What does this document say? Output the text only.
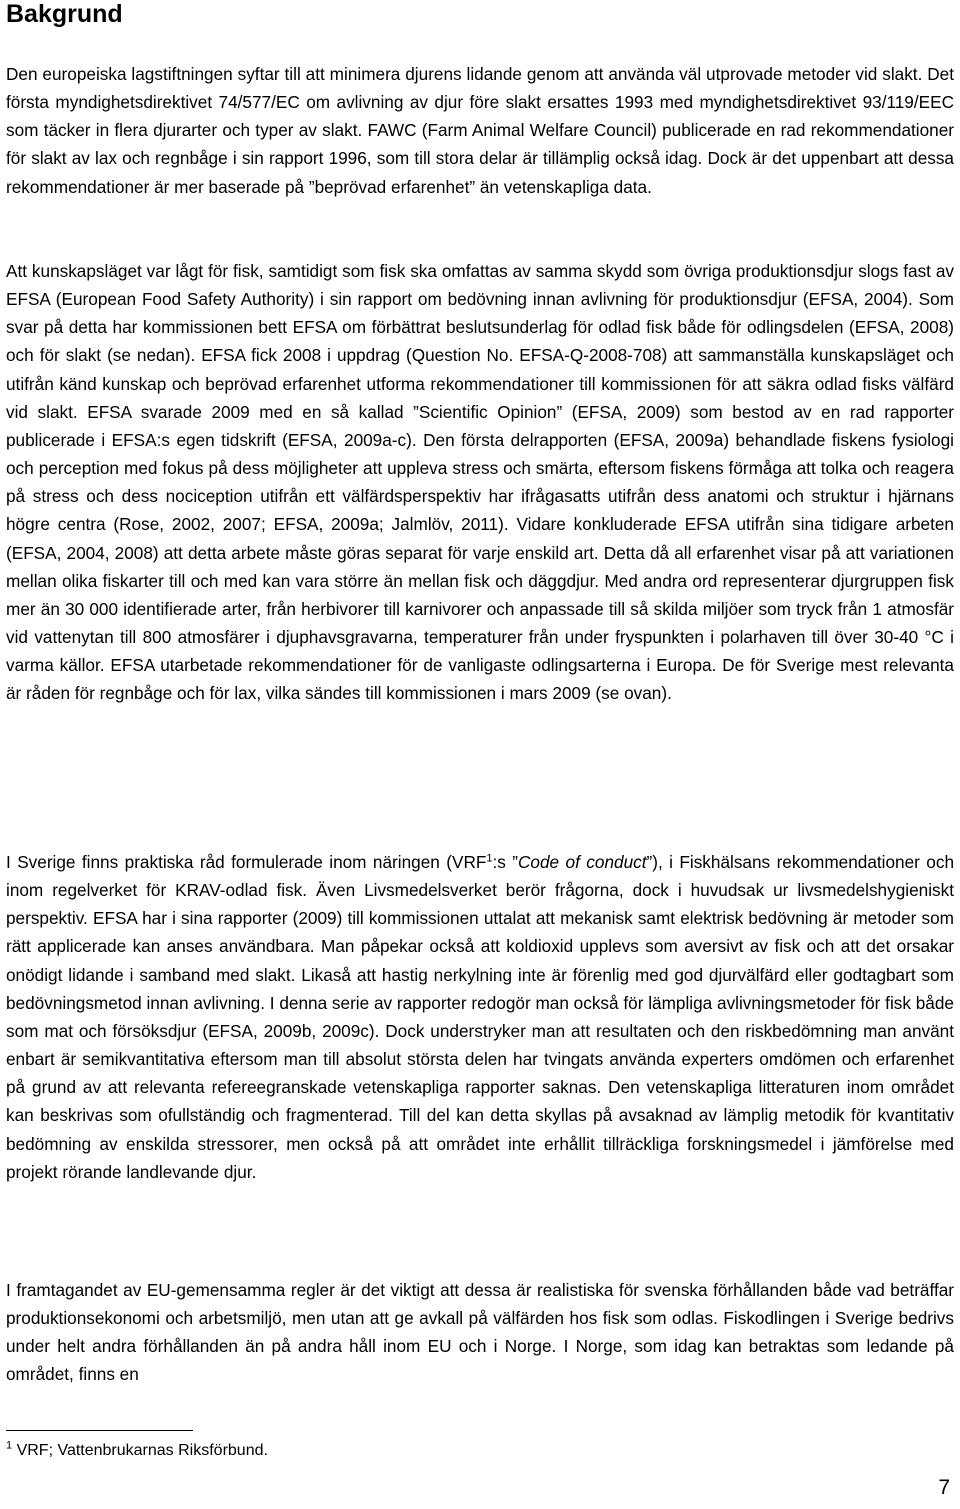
Bakgrund

Den europeiska lagstiftningen syftar till att minimera djurens lidande genom att använda väl utprovade metoder vid slakt. Det första myndighetsdirektivet 74/577/EC om avlivning av djur före slakt ersattes 1993 med myndighetsdirektivet 93/119/EEC som täcker in flera djurarter och typer av slakt. FAWC (Farm Animal Welfare Council) publicerade en rad rekommendationer för slakt av lax och regnbåge i sin rapport 1996, som till stora delar är tillämplig också idag. Dock är det uppenbart att dessa rekommendationer är mer baserade på ”beprövad erfarenhet” än vetenskapliga data.

Att kunskapsläget var lågt för fisk, samtidigt som fisk ska omfattas av samma skydd som övriga produktionsdjur slogs fast av EFSA (European Food Safety Authority) i sin rapport om bedövning innan avlivning för produktionsdjur (EFSA, 2004). Som svar på detta har kommissionen bett EFSA om förbättrat beslutsunderlag för odlad fisk både för odlingsdelen (EFSA, 2008) och för slakt (se nedan). EFSA fick 2008 i uppdrag (Question No. EFSA-Q-2008-708) att sammanställa kunskapsläget och utifrån känd kunskap och beprövad erfarenhet utforma rekommendationer till kommissionen för att säkra odlad fisks välfärd vid slakt. EFSA svarade 2009 med en så kallad ”Scientific Opinion” (EFSA, 2009) som bestod av en rad rapporter publicerade i EFSA:s egen tidskrift (EFSA, 2009a-c). Den första delrapporten (EFSA, 2009a) behandlade fiskens fysiologi och perception med fokus på dess möjligheter att uppleva stress och smärta, eftersom fiskens förmåga att tolka och reagera på stress och dess nociception utifrån ett välfärdsperspektiv har ifrågasatts utifrån dess anatomi och struktur i hjärnans högre centra (Rose, 2002, 2007; EFSA, 2009a; Jalmlöv, 2011). Vidare konkluderade EFSA utifrån sina tidigare arbeten (EFSA, 2004, 2008) att detta arbete måste göras separat för varje enskild art. Detta då all erfarenhet visar på att variationen mellan olika fiskarter till och med kan vara större än mellan fisk och däggdjur. Med andra ord representerar djurgruppen fisk mer än 30 000 identifierade arter, från herbivorer till karnivorer och anpassade till så skilda miljöer som tryck från 1 atmosfär vid vattenytan till 800 atmosfärer i djuphavsgravarna, temperaturer från under fryspunkten i polarhaven till över 30-40 °C i varma källor. EFSA utarbetade rekommendationer för de vanligaste odlingsarterna i Europa. De för Sverige mest relevanta är råden för regnbåge och för lax, vilka sändes till kommissionen i mars 2009 (se ovan).

I Sverige finns praktiska råd formulerade inom näringen (VRF$^1$:s ”Code of conduct”), i Fiskhälsans rekommendationer och inom regelverket för KRAV-odlad fisk. Även Livsmedelsverket berör frågorna, dock i huvudsak ur livsmedelshygieniskt perspektiv. EFSA har i sina rapporter (2009) till kommissionen uttalat att mekanisk samt elektrisk bedövning är metoder som rätt applicerade kan anses användbara. Man påpekar också att koldioxid upplevs som aversivt av fisk och att det orsakar onödigt lidande i samband med slakt. Likaså att hastig nerkylning inte är förenlig med god djurvälfärd eller godtagbart som bedövningsmetod innan avlivning. I denna serie av rapporter redogör man också för lämpliga avlivningsmetoder för fisk både som mat och försöksdjur (EFSA, 2009b, 2009c). Dock understryker man att resultaten och den riskbedömning man använt enbart är semikvantitativa eftersom man till absolut största delen har tvingats använda experters omdömen och erfarenhet på grund av att relevanta refereegranskade vetenskapliga rapporter saknas. Den vetenskapliga litteraturen inom området kan beskrivas som ofullständig och fragmenterad. Till del kan detta skyllas på avsaknad av lämplig metodik för kvantitativ bedömning av enskilda stressorer, men också på att området inte erhållit tillräckliga forskningsmedel i jämförelse med projekt rörande landlevande djur.

I framtagandet av EU-gemensamma regler är det viktigt att dessa är realistiska för svenska förhållanden både vad beträffar produktionsekonomi och arbetsmiljö, men utan att ge avkall på välfärden hos fisk som odlas. Fiskodlingen i Sverige bedrivs under helt andra förhållanden än på andra håll inom EU och i Norge. I Norge, som idag kan betraktas som ledande på området, finns en

$^1$ VRF; Vattenbrukarnas Riksförbund.

7
